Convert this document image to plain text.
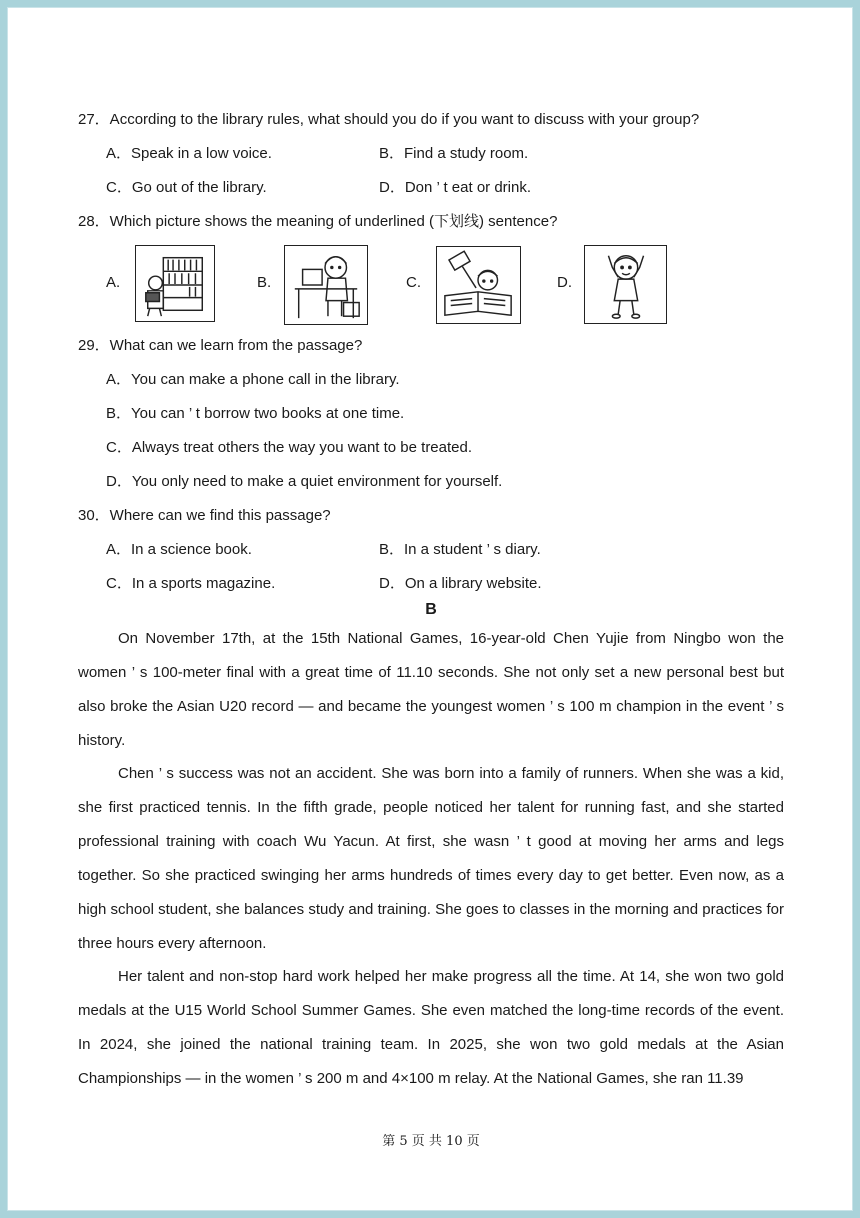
27．According to the library rules, what should you do if you want to discuss with your group?
A．Speak in a low voice.	B．Find a study room.
C．Go out of the library.	D．Don ’ t eat or drink.
28．Which picture shows the meaning of underlined (下划线) sentence?
A.	B.	C.	D.
29．What can we learn from the passage?
A．You can make a phone call in the library.
B．You can ’ t borrow two books at one time.
C．Always treat others the way you want to be treated.
D．You only need to make a quiet environment for yourself.
30．Where can we find this passage?
A．In a science book.	B．In a student ’ s diary.
C．In a sports magazine.	D．On a library website.
B

On November 17th, at the 15th National Games, 16-year-old Chen Yujie from Ningbo won the women ’ s 100-meter final with a great time of 11.10 seconds. She not only set a new personal best but also broke the Asian U20 record — and became the youngest women ’ s 100 m champion in the event ’ s history.

Chen ’ s success was not an accident. She was born into a family of runners. When she was a kid, she first practiced tennis. In the fifth grade, people noticed her talent for running fast, and she started professional training with coach Wu Yacun. At first, she wasn ’ t good at moving her arms and legs together. So she practiced swinging her arms hundreds of times every day to get better. Even now, as a high school student, she balances study and training. She goes to classes in the morning and practices for three hours every afternoon.

Her talent and non-stop hard work helped her make progress all the time. At 14, she won two gold medals at the U15 World School Summer Games. She even matched the long-time records of the event. In 2024, she joined the national training team. In 2025, she won two gold medals at the Asian Championships — in the women ’ s 200 m and 4×100 m relay. At the National Games, she ran 11.39

第 5 页 共 10 页
